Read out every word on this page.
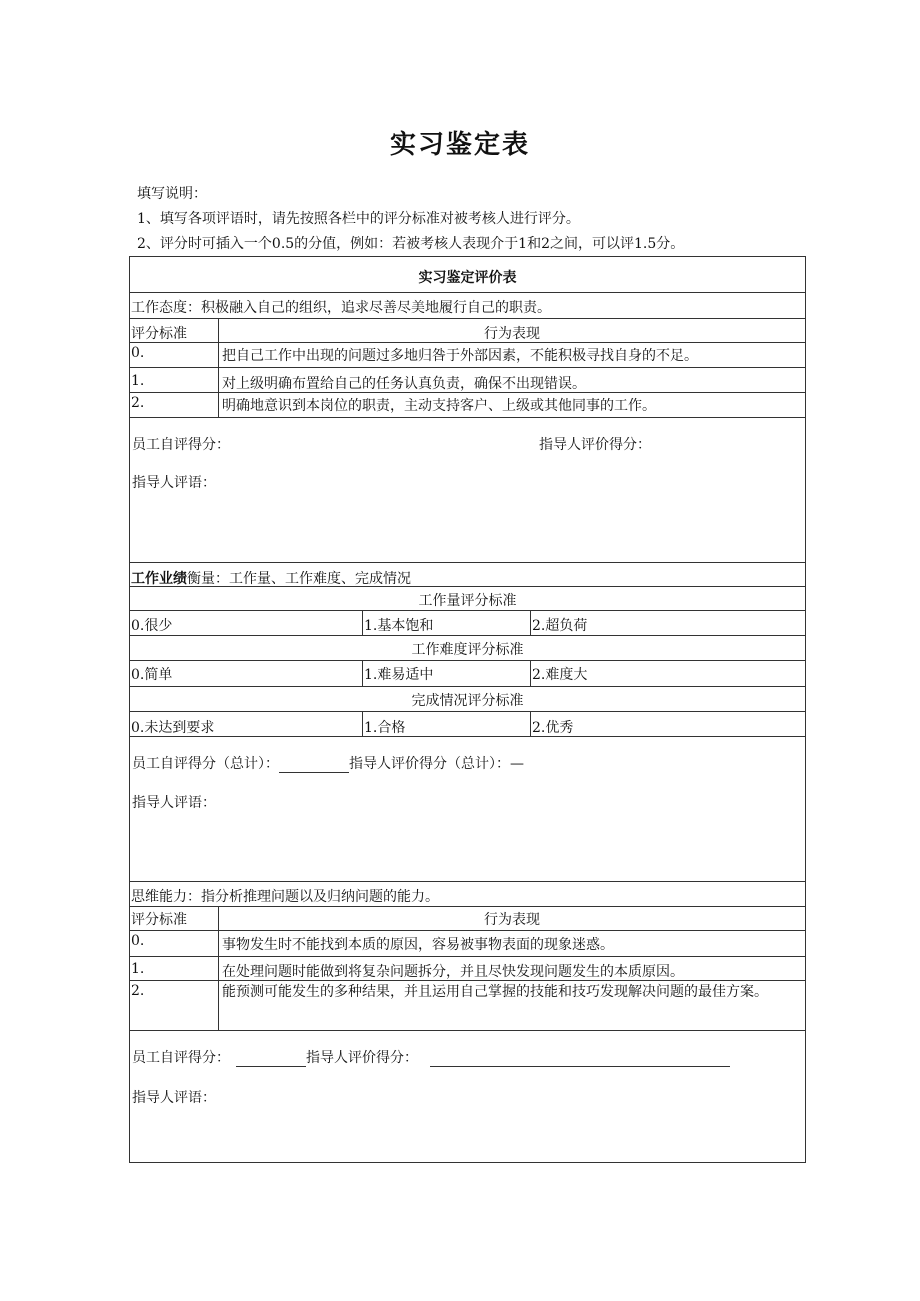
实习鉴定表
填写说明：
1、填写各项评语时，请先按照各栏中的评分标准对被考核人进行评分。
2、评分时可插入一个0.5的分值，例如：若被考核人表现介于1和2之间，可以评1.5分。
实习鉴定评价表
工作态度：积极融入自己的组织，追求尽善尽美地履行自己的职责。
评分标准	行为表现
0.	把自己工作中出现的问题过多地归咎于外部因素，不能积极寻找自身的不足。
1.	对上级明确布置给自己的任务认真负责，确保不出现错误。
2.	明确地意识到本岗位的职责，主动支持客户、上级或其他同事的工作。
员工自评得分：	指导人评价得分：
指导人评语：
工作业绩衡量：工作量、工作难度、完成情况
工作量评分标准
0.很少	1.基本饱和	2.超负荷
工作难度评分标准
0.简单	1.难易适中	2.难度大
完成情况评分标准
0.未达到要求	1.合格	2.优秀
员工自评得分（总计）：	指导人评价得分（总计）：—
指导人评语：
思维能力：指分析推理问题以及归纳问题的能力。
评分标准	行为表现
0.	事物发生时不能找到本质的原因，容易被事物表面的现象迷惑。
1.	在处理问题时能做到将复杂问题拆分，并且尽快发现问题发生的本质原因。
2.	能预测可能发生的多种结果，并且运用自己掌握的技能和技巧发现解决问题的最佳方案。
员工自评得分：	指导人评价得分：
指导人评语：
